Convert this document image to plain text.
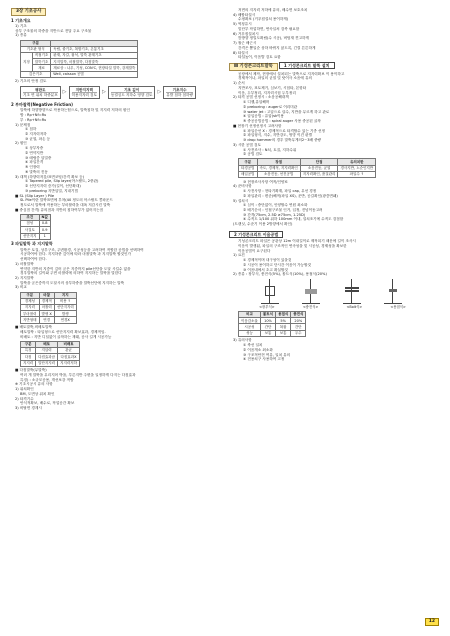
3장 기초공사
1 기초개요
1) 기초
상부 구조물의 하중을 지반으로 전달 주요 구조물
1) 종류
구분		
기초판 형식		독립, 줄기초, 복합기초, 온통기초
지정	직접기초	판재, 자갈, 잡석, 말뚝 관계기초
	말뚝기초	지지말뚝, 마찰말뚝, 다짐말뚝
	재료	재료상 : 나무, 기성, CON'C, 현장타설 말뚝, 강재말뚝
깊은기초		Well, caisson 공법
2) 기초의 안정 검토
평판도
기초 면 위치 하중분포 ▷	지반지지력
허용지지력 검토 ▷	기초 깊이
동결심도 지하수 영향 검토 ▷	기초지수
유발 침하 침하량
2 부마찰력(Negative Friction)
말뚝에 하향방향으로 작용하는힘으로, 말뚝침하 및 지지력 저하의 원인
합 : Rp+Nf=Ru
부 : Rp+Nf=Ru
1) 문제점
① 침하
② 지지력저하
③ 균열, 파손 등
2) 원인
① 상부자중
② 연약지반
③ 매립층 압밀중
④ 파일간격
⑤ 인장력
⑥ 말뚝의 진동
3) 대책 (하향력저감/표면코팅/간격 확보 등)
① Tapered pile, Slip layer(아스팔트, 2중관)
② 선단지지력 증가(길이, 선단확대)
③ preboring 지반압밀, 지내기법
■ SL (Slip Layer ) Pile
SL Pile이란 말뚝표면에 부착(40 정도의 아스팔트 콤파운드
정도로서 말뚝에 작용하는 부마찰력을 대폭 저감시킨 말뚝
■ 중심점 간격) 유의점과 지반의 침하여부가 없어지는점
조건	N값
점성	0.8
사질토	0.9
선단지지	1
3 파일말뚝 과 지지말뚝
말뚝은 토질, 상부구조, 주변환경, 시공성등을 고려하여 적합한 공법을 선택하여
시공하여야 한다. 지지하중 깊이에 따라 마찰말뚝 과 지지말뚝 할것인가
선택하여야 한다.
1) 마찰말뚝
연약한 지반의 지층이 깊어 굳은 지층까지 pile선단을 도달 시킬수 없을
경우말뚝의 길이와 주면 마찰력에 의하여 지지하는 말뚝을 말한다
2) 지지말뚝
말뚝을 굳은층까지 도달시켜 상부하중을 말뚝선단에 지지하는 말뚝
3) 비교
구분	마찰	지지
경제성	경제적	비용 ↑
지지력	마찰력	선단지지력
부마찰력	발생 X	발생
지반형태	연경	연경X
■ 배토말뚝,비배토말뚝
배토말뚝 : 타입형으로 선단지지력 확보효과, 경제적임.
비배토 : 지반 디딜없이 굴착하는 재래, 공사 길게 시공가능
구분	배토	비배토
특징	지압력	관균
다짐	다짐효과큼	다짐효과X
지지력	말단지지력	지지력저하
■ 다짐말뚝(무말뚝)
여러 개 말뚝을 무리지어 박을, 투른지반 주변을 일정하게 다지는 다짐효과
특징) : 소규모공용, 개선보강 적합
※ 기초시공시 유의 사항
1) 위치확인
BM, 도면상 위치 확인
2) 타격기수
안식적확보, 배수로, 작업공간 확보
3) 비탈면 경계시
저면의 지지력 저하에 유의, 배수면 보호조치
4) 배합타설시
수평확보 (거푸집설치 용이하게)
5) 역청유시
밑단부 작업하면, 연속일처 검측 필요함
6) 거푸집설치시
틈방향 정밀도확립(수 시공), 버팀재 견고하게
7) 철근 배근시
간격은 뽑일순 상하 바뀌지 않도록, 긴결 튼튼하게
8) 타설시
타설높이, 이음발 검토 요함
Ⅲ 기성콘크리트말뚝	1 기성콘크리트 말뚝 설치
공장에서 제작, 현장에서 설치되는 말뚝으로 지지력확보 이 용이하고
경제적이나, 파일의 균열 및 탓이사 소음에 유의
1) 순서
지반조사, 표토제거, 심보기, 시험타, 본항타
이음, 두부정리, 지지력시험 두부정리
2) 타격 공법 선정시 : 소음공해대책
① 디젤,유압해머
② preboring : auger로 이리미관
③ water jet : 고압으로 살수, 지반을 무르게 하고 관로
④ 압입공법 : 유압(sk이용
⑤ 중공공법공법 : spiral auger 사용 중공된 굴착
■ 현장기 선정선정시 고려사항
① 파일순선 X : 경제적으로 타격할수 있는 기종 선정
② 파일형식, 지수, 지반강도, 멍망 이건 판별
③ drop hammer의 경우 말뚝무게의2~3배 중량
3) 시한 공법 검토
① 사전조사 : N치, 토질, 지하수위
② 공법 검토
구분	장점	단점	유의치한
타경공법	속도, 경제적, 지지력확인	소음진동, 균열	경사지반, 노순인지반
매입공법	소음진동, 선진공법	지지력확인, 품질관리	파일수 ↑
③ 현장조사사항 여적/인양료
4) 준비사항
① 사전사항 : 현타기확계, 파일 cap, 무선 경정
② 파일관리 : 변준(해적(파일 XS), 운반, 공갈확인(광층면패)
5) 설치시
① 심이 : 중단없이, 인양할수 연원 최소화
② 배기순서 : 인접구조물 인거, 입정, 진넘이동고려
③ 간격(75cm, 2.5D ≥75cm, 1.25D)
④ 수직도 1/100 위하 100mm 이내, 설치조기에 수직도 검점함
(트랜싯, 수준기 이용 2방향에서 확인)
2 기성콘크리트 이음공법
기성콘크리트 파일은 공관상 12m 이내길이로 제작되기 때문에 길이 조사시
이음이 발생됨, 파일의 구조적인 연속성을 및 시공성, 경제성을 확보한
이음공법이 요구된다
1) 요건
① 경제적이며 내구성이 있을것
② 시공이 용이하고 단시간 이음이 가능할것
③ 이음내에서 초고 확실할것
2) 종류 : 장부식, 충전식(5%), 볼트식(10%), 용접식(20%)
<장부식>	<충전식>	<Bolt식>	<용접식>
비교	볼트식	용접식	충전식
이음감소율	10%	5%	20%
시공성	간단	복잡	간단
성능	보통	보통	우수
3) 유의사항
① 축선 일치
② 이음개소 최소화
③ 구조적안전 여유, 일치 유의
④ 전용치구 사용하여 고정
12
